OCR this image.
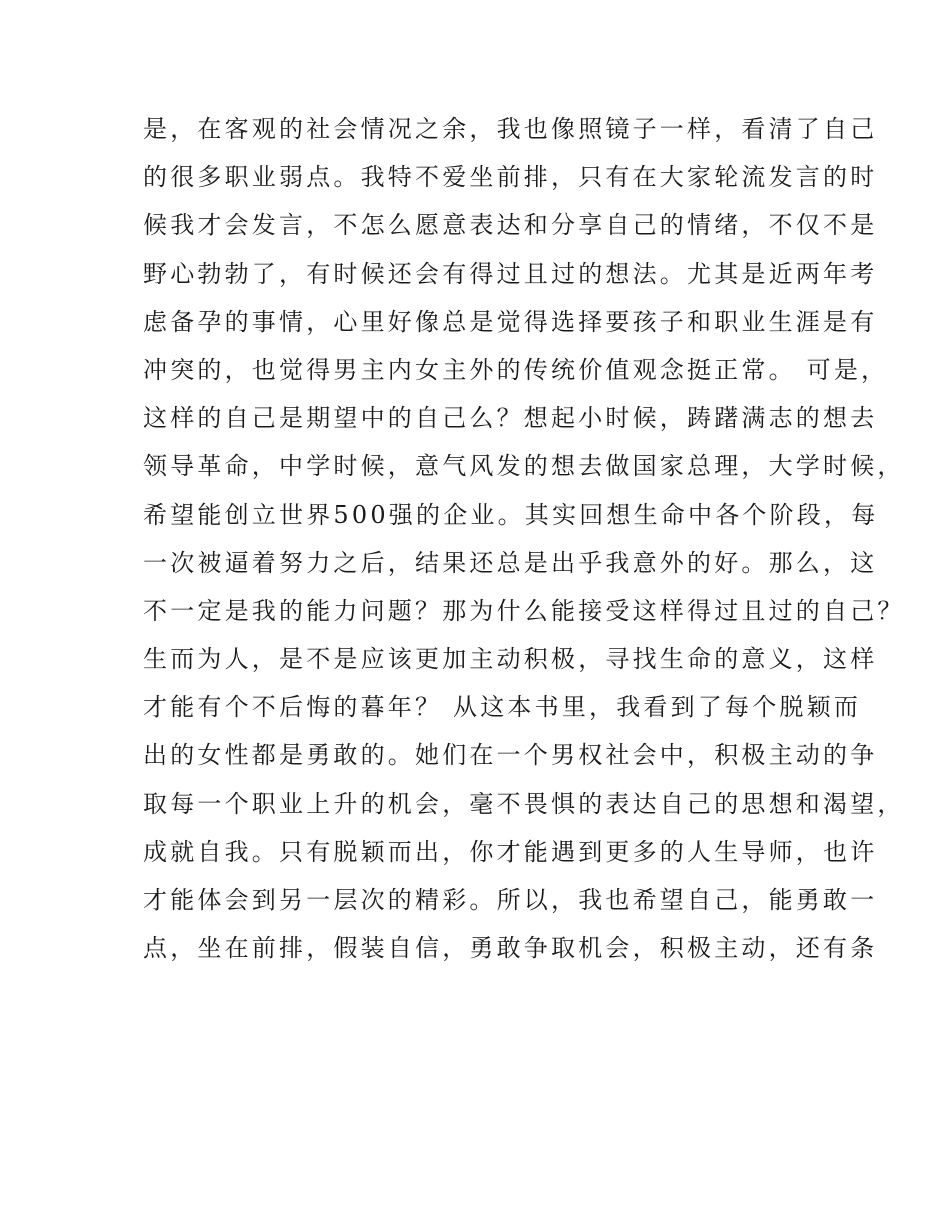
是，在客观的社会情况之余，我也像照镜子一样，看清了自己
的很多职业弱点。我特不爱坐前排，只有在大家轮流发言的时
候我才会发言，不怎么愿意表达和分享自己的情绪，不仅不是
野心勃勃了，有时候还会有得过且过的想法。尤其是近两年考
虑备孕的事情，心里好像总是觉得选择要孩子和职业生涯是有
冲突的，也觉得男主内女主外的传统价值观念挺正常。 可是，
这样的自己是期望中的自己么？想起小时候，踌躇满志的想去
领导革命，中学时候，意气风发的想去做国家总理，大学时候，
希望能创立世界500强的企业。其实回想生命中各个阶段，每
一次被逼着努力之后，结果还总是出乎我意外的好。那么，这
不一定是我的能力问题？那为什么能接受这样得过且过的自己？
生而为人，是不是应该更加主动积极，寻找生命的意义，这样
才能有个不后悔的暮年？ 从这本书里，我看到了每个脱颖而
出的女性都是勇敢的。她们在一个男权社会中，积极主动的争
取每一个职业上升的机会，毫不畏惧的表达自己的思想和渴望，
成就自我。只有脱颖而出，你才能遇到更多的人生导师，也许
才能体会到另一层次的精彩。所以，我也希望自己，能勇敢一
点，坐在前排，假装自信，勇敢争取机会，积极主动，还有条
